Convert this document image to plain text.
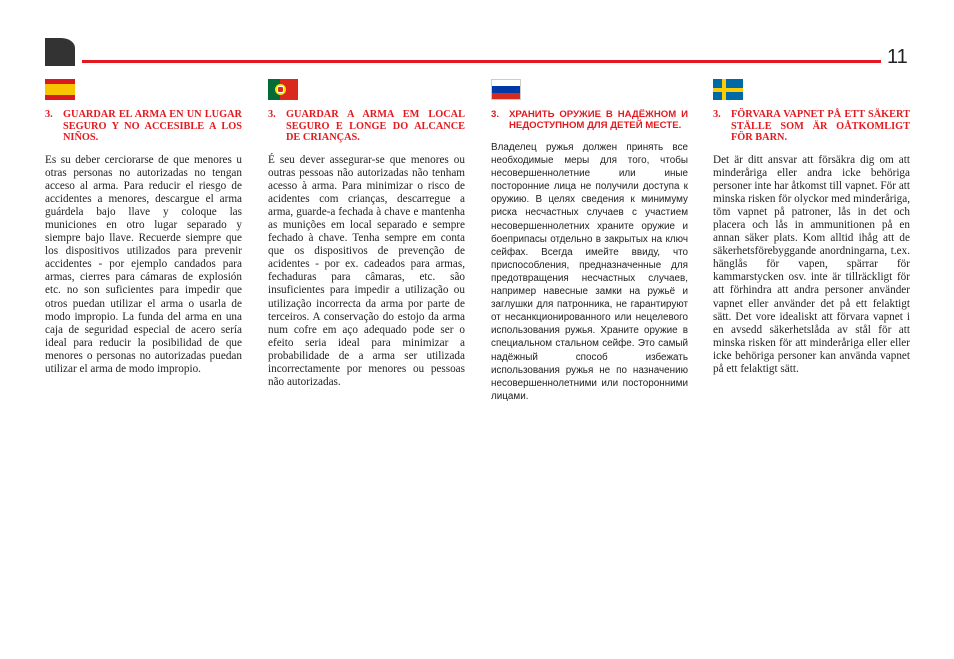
11
3. GUARDAR EL ARMA EN UN LUGAR SEGURO Y NO ACCESIBLE A LOS NIÑOS.

Es su deber cerciorarse de que menores u otras personas no autorizadas no tengan acceso al arma. Para reducir el riesgo de accidentes a menores, descargue el arma guárdela bajo llave y coloque las municiones en otro lugar separado y siempre bajo llave. Recuerde siempre que los dispositivos utilizados para prevenir accidentes - por ejemplo candados para armas, cierres para cámaras de explosión etc. no son suficientes para impedir que otros puedan utilizar el arma o usarla de modo impropio. La funda del arma en una caja de seguridad especial de acero sería ideal para reducir la posibilidad de que menores o personas no autorizadas puedan utilizar el arma de modo impropio.

3. GUARDAR A ARMA EM LOCAL SEGURO E LONGE DO ALCANCE DE CRIANÇAS.

É seu dever assegurar-se que menores ou outras pessoas não autorizadas não tenham acesso à arma. Para minimizar o risco de acidentes com crianças, descarregue a arma, guarde-a fechada à chave e mantenha as munições em local separado e sempre fechado à chave. Tenha sempre em conta que os dispositivos de prevenção de acidentes - por ex. cadeados para armas, fechaduras para câmaras, etc. são insuficientes para impedir a utilização ou utilização incorrecta da arma por parte de terceiros. A conservação do estojo da arma num cofre em aço adequado pode ser o efeito seria ideal para minimizar a probabilidade de a arma ser utilizada incorrectamente por menores ou pessoas não autorizadas.

3.	ХРАНИТЬ ОРУЖИЕ В НАДЁЖНОМ И НЕДОСТУПНОМ ДЛЯ ДЕТЕЙ МЕСТЕ.

Владелец ружья должен принять все необходимые меры для того, чтобы несовершеннолетние или иные посторонние лица не получили доступа к оружию. В целях сведения к минимуму риска несчастных случаев с участием несовершеннолетних храните оружие и боеприпасы отдельно в закрытых на ключ сейфах. Всегда имейте ввиду, что приспособления, предназначенные для предотвращения несчастных случаев, например навесные замки на ружьё и заглушки для патронника, не гарантируют от несанкционированного или нецелевого использования ружья. Храните оружие в специальном стальном сейфе. Это самый надёжный способ избежать использования ружья не по назначению несовершеннолетними или посторонними лицами.

3. FÖRVARA VAPNET PÅ ETT SÄKERT STÄLLE SOM ÄR OÅTKOMLIGT FÖR BARN.

Det är ditt ansvar att försäkra dig om att minderåriga eller andra icke behöriga personer inte har åtkomst till vapnet. För att minska risken för olyckor med minderåriga, töm vapnet på patroner, lås in det och placera och lås in ammunitionen på en annan säker plats. Kom alltid ihåg att de säkerhetsförebyggande anordningarna, t.ex. hänglås för vapen, spärrar för kammarstycken osv. inte är tillräckligt för att förhindra att andra personer använder vapnet eller använder det på ett felaktigt sätt. Det vore idealiskt att förvara vapnet i en avsedd säkerhetslåda av stål för att minska risken för att minderåriga eller eller icke behöriga personer kan använda vapnet på ett felaktigt sätt.
